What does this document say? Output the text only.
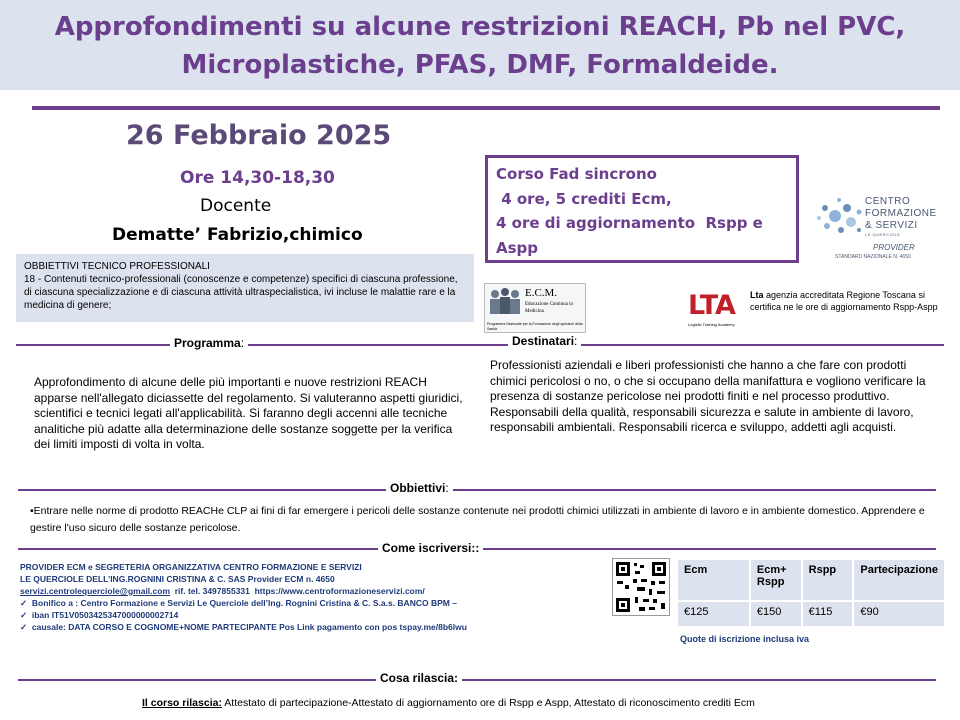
Approfondimenti su alcune restrizioni REACH, Pb nel PVC,
Microplastiche, PFAS, DMF, Formaldeide.
26 Febbraio 2025
Ore 14,30-18,30
Docente
Dematte’ Fabrizio,chimico
Corso Fad sincrono
4 ore, 5 crediti Ecm,
4 ore di aggiornamento  Rspp e
Aspp
CENTRO
FORMAZIONE
& SERVIZI
LE QUERCIOLE
PROVIDER
STANDARD NAZIONALE N. 4650
OBBIETTIVI TECNICO PROFESSIONALI
18 - Contenuti tecnico-professionali (conoscenze e competenze) specifici di ciascuna professione, di ciascuna specializzazione e di ciascuna attività ultraspecialistica, ivi incluse le malattie rare e la medicina di genere;
E.C.M.
Educazione Continua in Medicina
Programma Nazionale per la Formazione degli operatori della Sanità
LTA
Logistic Training Academy
Lta agenzia accreditata Regione Toscana si certifica ne le ore di aggiornamento Rspp-Aspp
Programma:	Destinatari:
Approfondimento di alcune delle più importanti e nuove restrizioni REACH apparse nell'allegato diciassette del regolamento. Si valuteranno aspetti giuridici, scientifici e tecnici legati all'applicabilità. Si faranno degli accenni alle tecniche analitiche più adatte alla determinazione delle sostanze soggette per la verifica dei limiti imposti di volta in volta.
Professionisti aziendali e liberi professionisti che hanno a che fare con prodotti chimici pericolosi o no, o che si occupano della manifattura e vogliono verificare la presenza di sostanze pericolose nei prodotti finiti e nel processo produttivo.
Responsabili della qualità, responsabili sicurezza e salute in ambiente di lavoro, responsabili ambientali. Responsabili ricerca e sviluppo, addetti agli acquisti.
Obbiettivi:
•Entrare nelle norme di prodotto REACHe CLP ai fini di far emergere i pericoli delle sostanze contenute nei prodotti chimici utilizzati in ambiente di lavoro e in ambiente domestico. Apprendere e gestire l'uso sicuro delle sostanze pericolose.
Come iscriversi::
PROVIDER ECM e SEGRETERIA ORGANIZZATIVA CENTRO FORMAZIONE E SERVIZI
LE QUERCIOLE DELL’ING.ROGNINI CRISTINA & C. SAS Provider ECM n. 4650
servizi.centrolequerciole@gmail.com  rif. tel. 3497855331  https://www.centroformazioneservizi.com/
✓ Bonifico a : Centro Formazione e Servizi Le Querciole dell’Ing. Rognini Cristina & C. S.a.s. BANCO BPM –
✓ iban IT51V0503425347000000002714
✓ causale: DATA CORSO E COGNOME+NOME PARTECIPANTE Pos Link pagamento con pos tspay.me/8b6lwu
Ecm	Ecm+ Rspp	Rspp	Partecipazione
€125	€150	€115	€90
Quote di iscrizione inclusa iva
Cosa rilascia:
Il corso rilascia: Attestato di partecipazione-Attestato di aggiornamento ore di Rspp e Aspp, Attestato di riconoscimento crediti Ecm
